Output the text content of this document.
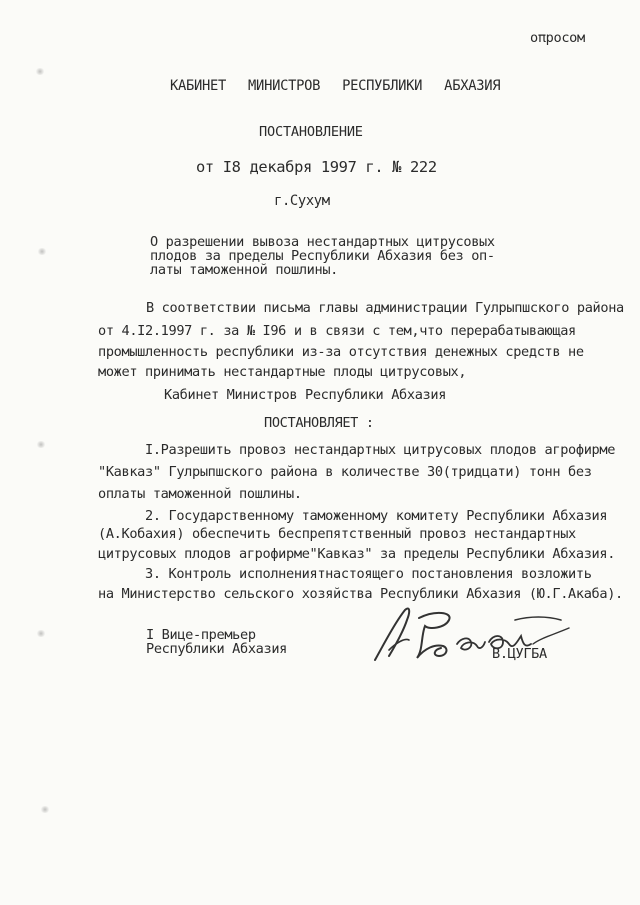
оπросом
КАБИНЕТ МИНИСТРОВ РЕСПУБЛИКИ АБХАЗИЯ
ПОСТАНОВЛЕНИЕ
от I8 декабря 1997 г. № 222
г.Сухум
О разрешении вывоза нестандартных цитрусовых
плодов за пределы Республики Абхазия без оп-
латы таможенной пошлины.
В соответствии письма главы администрации Гулрыпшского района
от 4.I2.1997 г. за № I96 и в связи с тем,что перерабатывающая
промышленность республики из-за отсутствия денежных средств не
может принимать нестандартные плоды цитрусовых,
Кабинет Министров Республики Абхазия
ПОСТАНОВЛЯЕТ :
I.Разрешить провоз нестандартных цитрусовых плодов агрофирме
"Кавказ" Гулрыпшского района в количестве 30(тридцати) тонн без
оплаты таможенной пошлины.
2. Государственному таможенному комитету Республики Абхазия
(А.Кобахия) обеспечить беспрепятственный провоз нестандартных
цитрусовых плодов агрофирме"Кавказ" за пределы Республики Абхазия.
3. Контроль исполнениятнастоящего постановления возложить
на Министерство сельского хозяйства Республики Абхазия (Ю.Г.Акаба).
I Вице-премьер
Республики Абхазия	В.ЦУГБА
